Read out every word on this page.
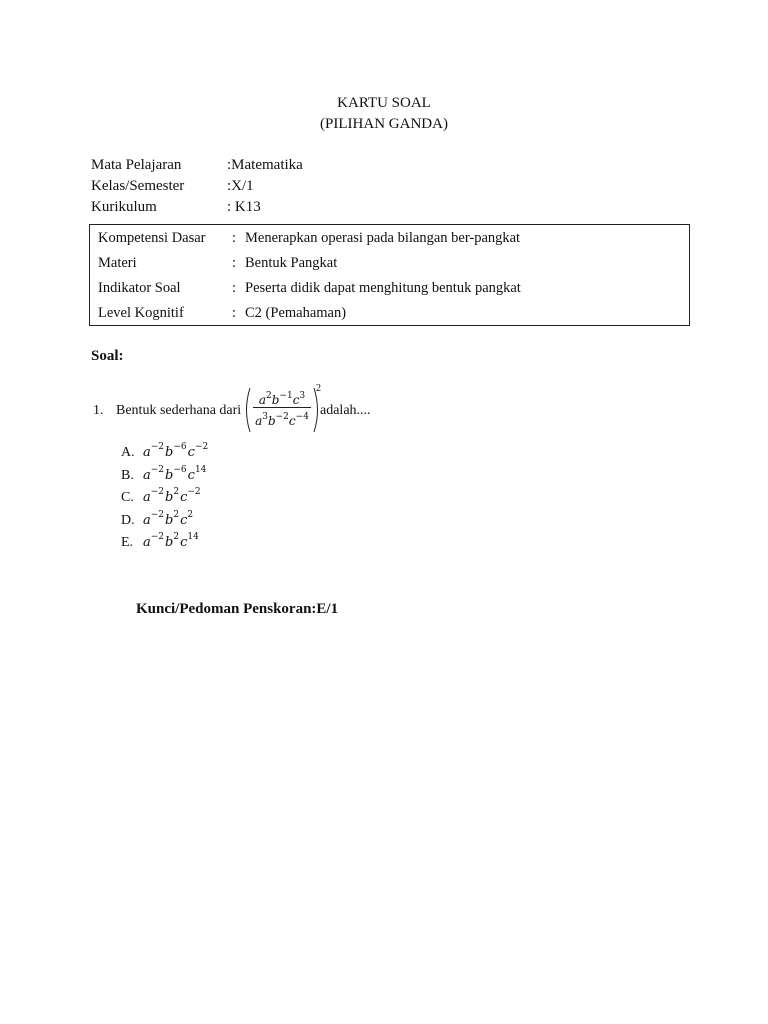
KARTU SOAL
(PILIHAN GANDA)
Mata Pelajaran	:Matematika
Kelas/Semester	:X/1
Kurikulum	: K13
Kompetensi Dasar : Menerapkan operasi pada bilangan ber-pangkat
Materi	: Bentuk Pangkat
Indikator Soal	: Peserta didik dapat menghitung bentuk pangkat
Level Kognitif	: C2 (Pemahaman)
Soal:
1. Bentuk sederhana dari
$a^2b^{-1}c^3$
$a^3b^{-2}c^{-4}$
2
adalah....
A. $a^{-2}b^{-6}c^{-2}$
B. $a^{-2}b^{-6}c^{14}$
C. $a^{-2}b^2c^{-2}$
D. $a^{-2}b^2c^2$
E. $a^{-2}b^2c^{14}$
Kunci/Pedoman Penskoran:E/1
